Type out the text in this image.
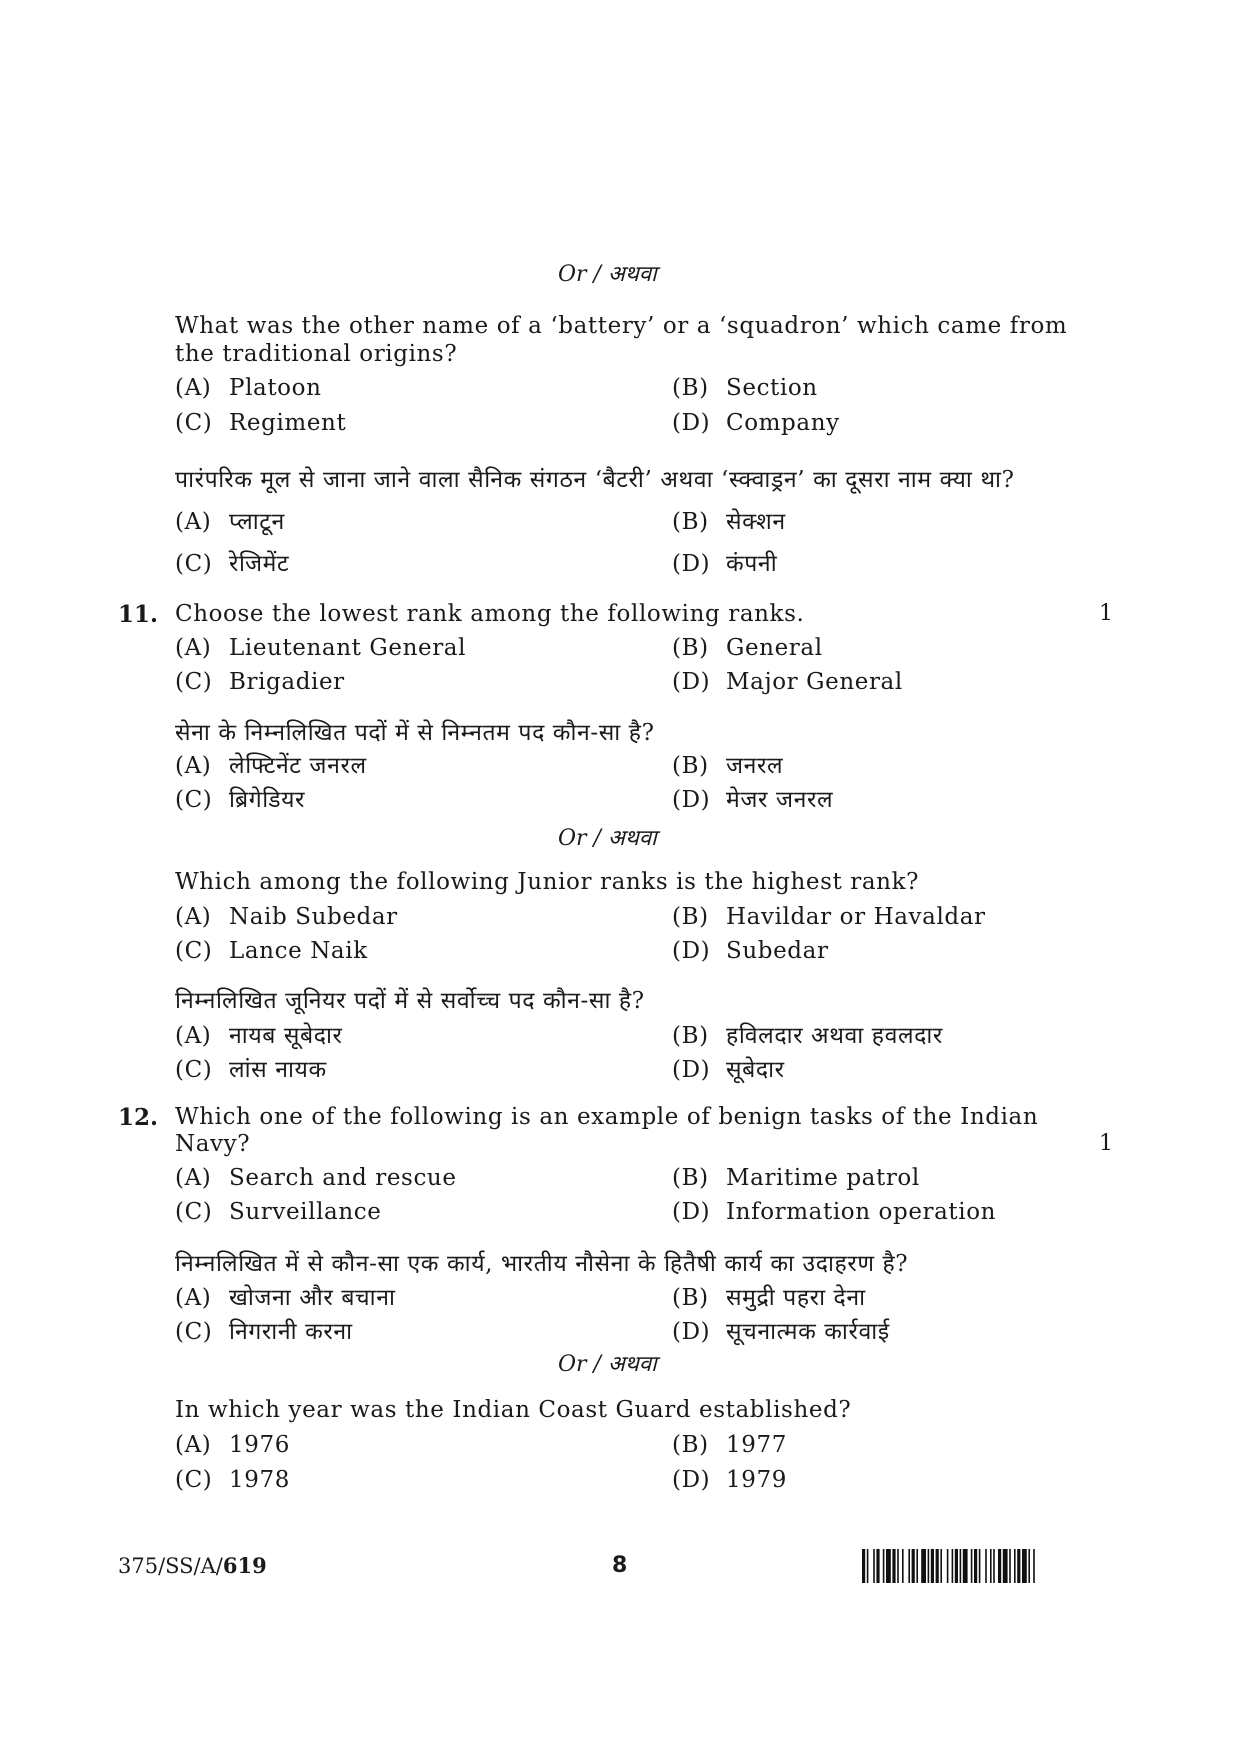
Or / अथवा
What was the other name of a ‘battery’ or a ‘squadron’ which came from
the traditional origins?
(A) Platoon	(B) Section
(C) Regiment	(D) Company
पारंपरिक मूल से जाना जाने वाला सैनिक संगठन ‘बैटरी’ अथवा ‘स्क्वाड्रन’ का दूसरा नाम क्या था?
(A) प्लाटून	(B) सेक्शन
(C) रेजिमेंट	(D) कंपनी
11. Choose the lowest rank among the following ranks.	1
(A) Lieutenant General	(B) General
(C) Brigadier	(D) Major General
सेना के निम्नलिखित पदों में से निम्नतम पद कौन-सा है?
(A) लेफ्टिनेंट जनरल	(B) जनरल
(C) ब्रिगेडियर	(D) मेजर जनरल
Or / अथवा
Which among the following Junior ranks is the highest rank?
(A) Naib Subedar	(B) Havildar or Havaldar
(C) Lance Naik	(D) Subedar
निम्नलिखित जूनियर पदों में से सर्वोच्च पद कौन-सा है?
(A) नायब सूबेदार	(B) हविलदार अथवा हवलदार
(C) लांस नायक	(D) सूबेदार
12. Which one of the following is an example of benign tasks of the Indian
Navy?	1
(A) Search and rescue	(B) Maritime patrol
(C) Surveillance	(D) Information operation
निम्नलिखित में से कौन-सा एक कार्य, भारतीय नौसेना के हितैषी कार्य का उदाहरण है?
(A) खोजना और बचाना	(B) समुद्री पहरा देना
(C) निगरानी करना	(D) सूचनात्मक कार्रवाई
Or / अथवा
In which year was the Indian Coast Guard established?
(A) 1976	(B) 1977
(C) 1978	(D) 1979
375/SS/A/619	8
